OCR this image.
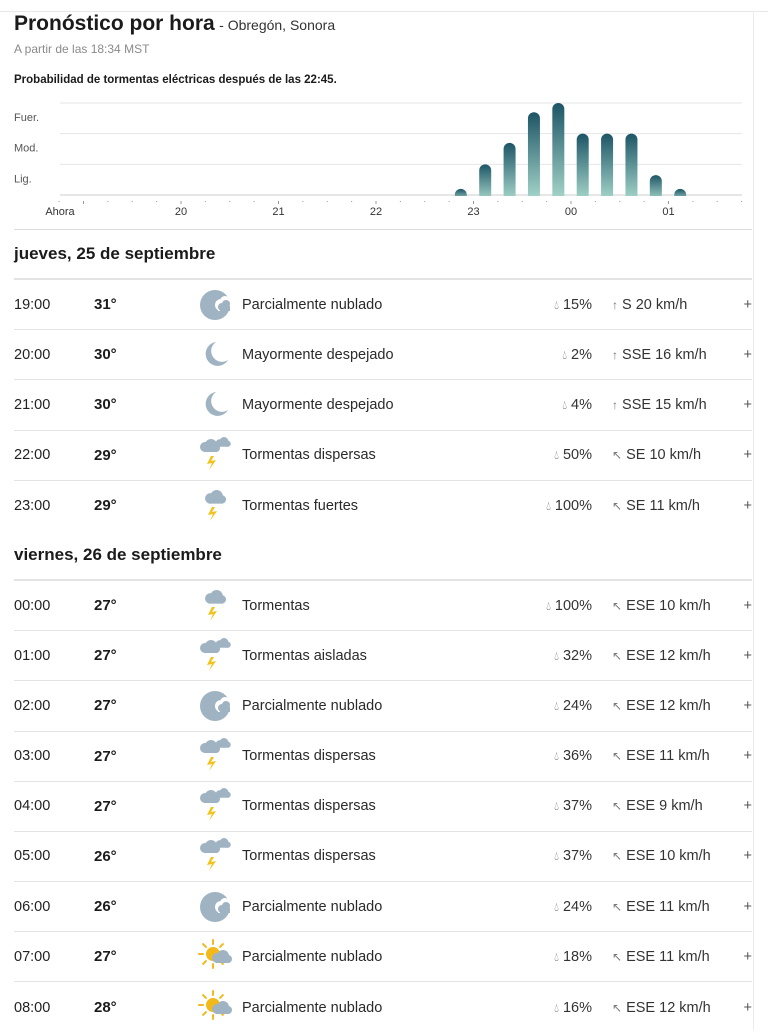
Pronóstico por hora - Obregón, Sonora
A partir de las 18:34 MST
Probabilidad de tormentas eléctricas después de las 22:45.
Lig.
Mod.
Fuer.
Ahora	20	21	22	23	00	01
jueves, 25 de septiembre
19:00	31°	Parcialmente nublado	💧︎ 15%	↑ S 20 km/h	+
20:00	30°	Mayormente despejado	💧︎ 2%	↑ SSE 16 km/h	+
21:00	30°	Mayormente despejado	💧︎ 4%	↑ SSE 15 km/h	+
22:00	29°	Tormentas dispersas	💧︎ 50%	↖ SE 10 km/h	+
23:00	29°	Tormentas fuertes	💧︎ 100%	↖ SE 11 km/h	+
viernes, 26 de septiembre
00:00	27°	Tormentas	💧︎ 100%	↖ ESE 10 km/h	+
01:00	27°	Tormentas aisladas	💧︎ 32%	↖ ESE 12 km/h	+
02:00	27°	Parcialmente nublado	💧︎ 24%	↖ ESE 12 km/h	+
03:00	27°	Tormentas dispersas	💧︎ 36%	↖ ESE 11 km/h	+
04:00	27°	Tormentas dispersas	💧︎ 37%	↖ ESE 9 km/h	+
05:00	26°	Tormentas dispersas	💧︎ 37%	↖ ESE 10 km/h	+
06:00	26°	Parcialmente nublado	💧︎ 24%	↖ ESE 11 km/h	+
07:00	27°	Parcialmente nublado	💧︎ 18%	↖ ESE 11 km/h	+
08:00	28°	Parcialmente nublado	💧︎ 16%	↖ ESE 12 km/h	+
